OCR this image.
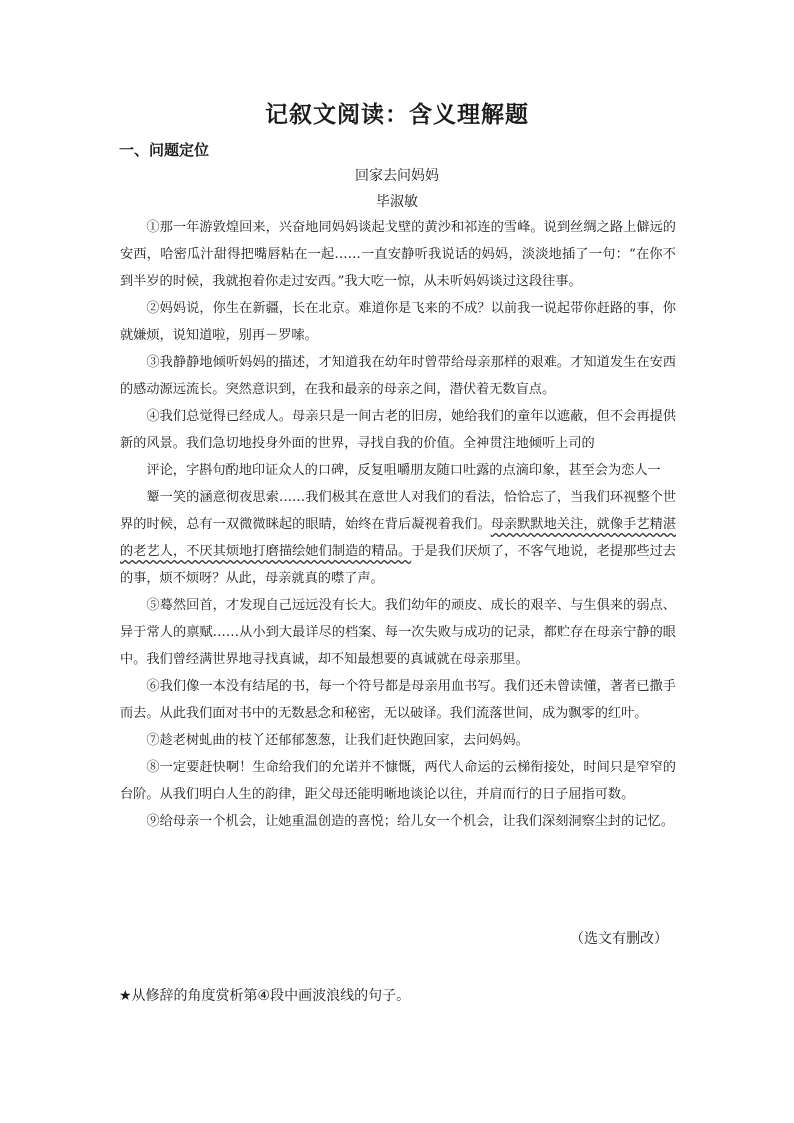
记叙文阅读：含义理解题
一、问题定位
回家去问妈妈
毕淑敏

①那一年游敦煌回来，兴奋地同妈妈谈起戈壁的黄沙和祁连的雪峰。说到丝绸之路上僻远的安西，哈密瓜汁甜得把嘴唇粘在一起……一直安静听我说话的妈妈，淡淡地插了一句：“在你不到半岁的时候，我就抱着你走过安西。”我大吃一惊，从未听妈妈谈过这段往事。

②妈妈说，你生在新疆，长在北京。难道你是飞来的不成？以前我一说起带你赶路的事，你就嫌烦，说知道啦，别再－罗嗦。

③我静静地倾听妈妈的描述，才知道我在幼年时曾带给母亲那样的艰难。才知道发生在安西的感动源远流长。突然意识到，在我和最亲的母亲之间，潜伏着无数盲点。

④我们总觉得已经成人。母亲只是一间古老的旧房，她给我们的童年以遮蔽，但不会再提供新的风景。我们急切地投身外面的世界，寻找自我的价值。全神贯注地倾听上司的

评论，字斟句酌地印证众人的口碑，反复咀嚼朋友随口吐露的点滴印象，甚至会为恋人一

颦一笑的涵意彻夜思索……我们极其在意世人对我们的看法，恰恰忘了，当我们环视整个世界的时候，总有一双微微眯起的眼睛，始终在背后凝视着我们。母亲默默地关注，就像手艺精湛的老艺人，不厌其烦地打磨描绘她们制造的精品。于是我们厌烦了，不客气地说，老提那些过去的事，烦不烦呀？从此，母亲就真的噤了声。

⑤蓦然回首，才发现自己远远没有长大。我们幼年的顽皮、成长的艰辛、与生俱来的弱点、异于常人的禀赋……从小到大最详尽的档案、每一次失败与成功的记录，都贮存在母亲宁静的眼中。我们曾经满世界地寻找真诚，却不知最想要的真诚就在母亲那里。

⑥我们像一本没有结尾的书，每一个符号都是母亲用血书写。我们还未曾读懂，著者已撒手而去。从此我们面对书中的无数悬念和秘密，无以破译。我们流落世间，成为飘零的红叶。

⑦趁老树虬曲的枝丫还郁郁葱葱，让我们赶快跑回家，去问妈妈。

⑧一定要赶快啊！生命给我们的允诺并不慷慨，两代人命运的云梯衔接处，时间只是窄窄的台阶。从我们明白人生的韵律，距父母还能明晰地谈论以往，并肩而行的日子屈指可数。

⑨给母亲一个机会，让她重温创造的喜悦；给儿女一个机会，让我们深刻洞察尘封的记忆。

（选文有删改）
★从修辞的角度赏析第④段中画波浪线的句子。
